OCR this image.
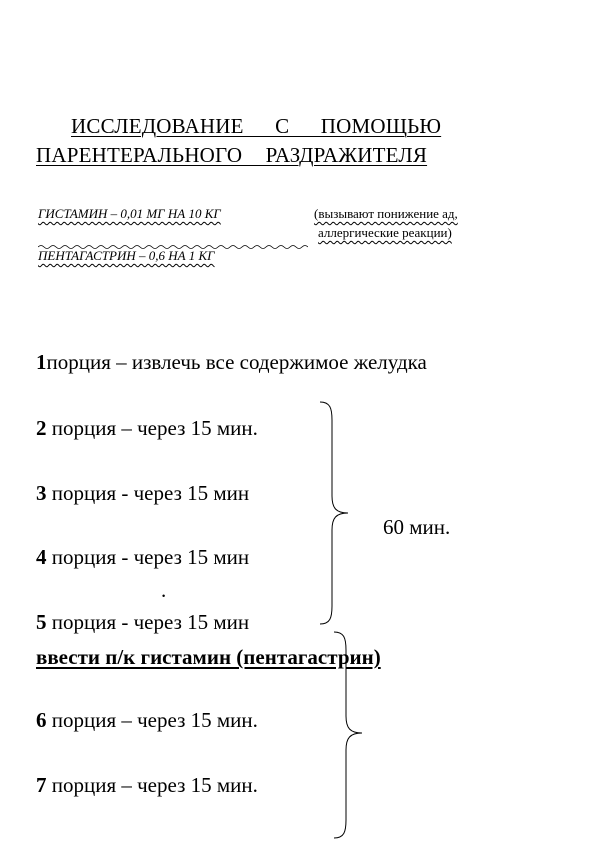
ИССЛЕДОВАНИЕ С ПОМОЩЬЮ
ПАРЕНТЕРАЛЬНОГО РАЗДРАЖИТЕЛЯ
ГИСТАМИН – 0,01 МГ НА 10 КГ	(вызывают понижение ад,
аллергические реакции)
ПЕНТАГАСТРИН – 0,6 НА 1 КГ
1порция – извлечь все содержимое желудка
2 порция – через 15 мин.
3 порция - через 15 мин
4 порция - через 15 мин
.
5 порция - через 15 мин
ввести п/к гистамин (пентагастрин)
6 порция – через 15 мин.
7 порция – через 15 мин.
60 мин.
